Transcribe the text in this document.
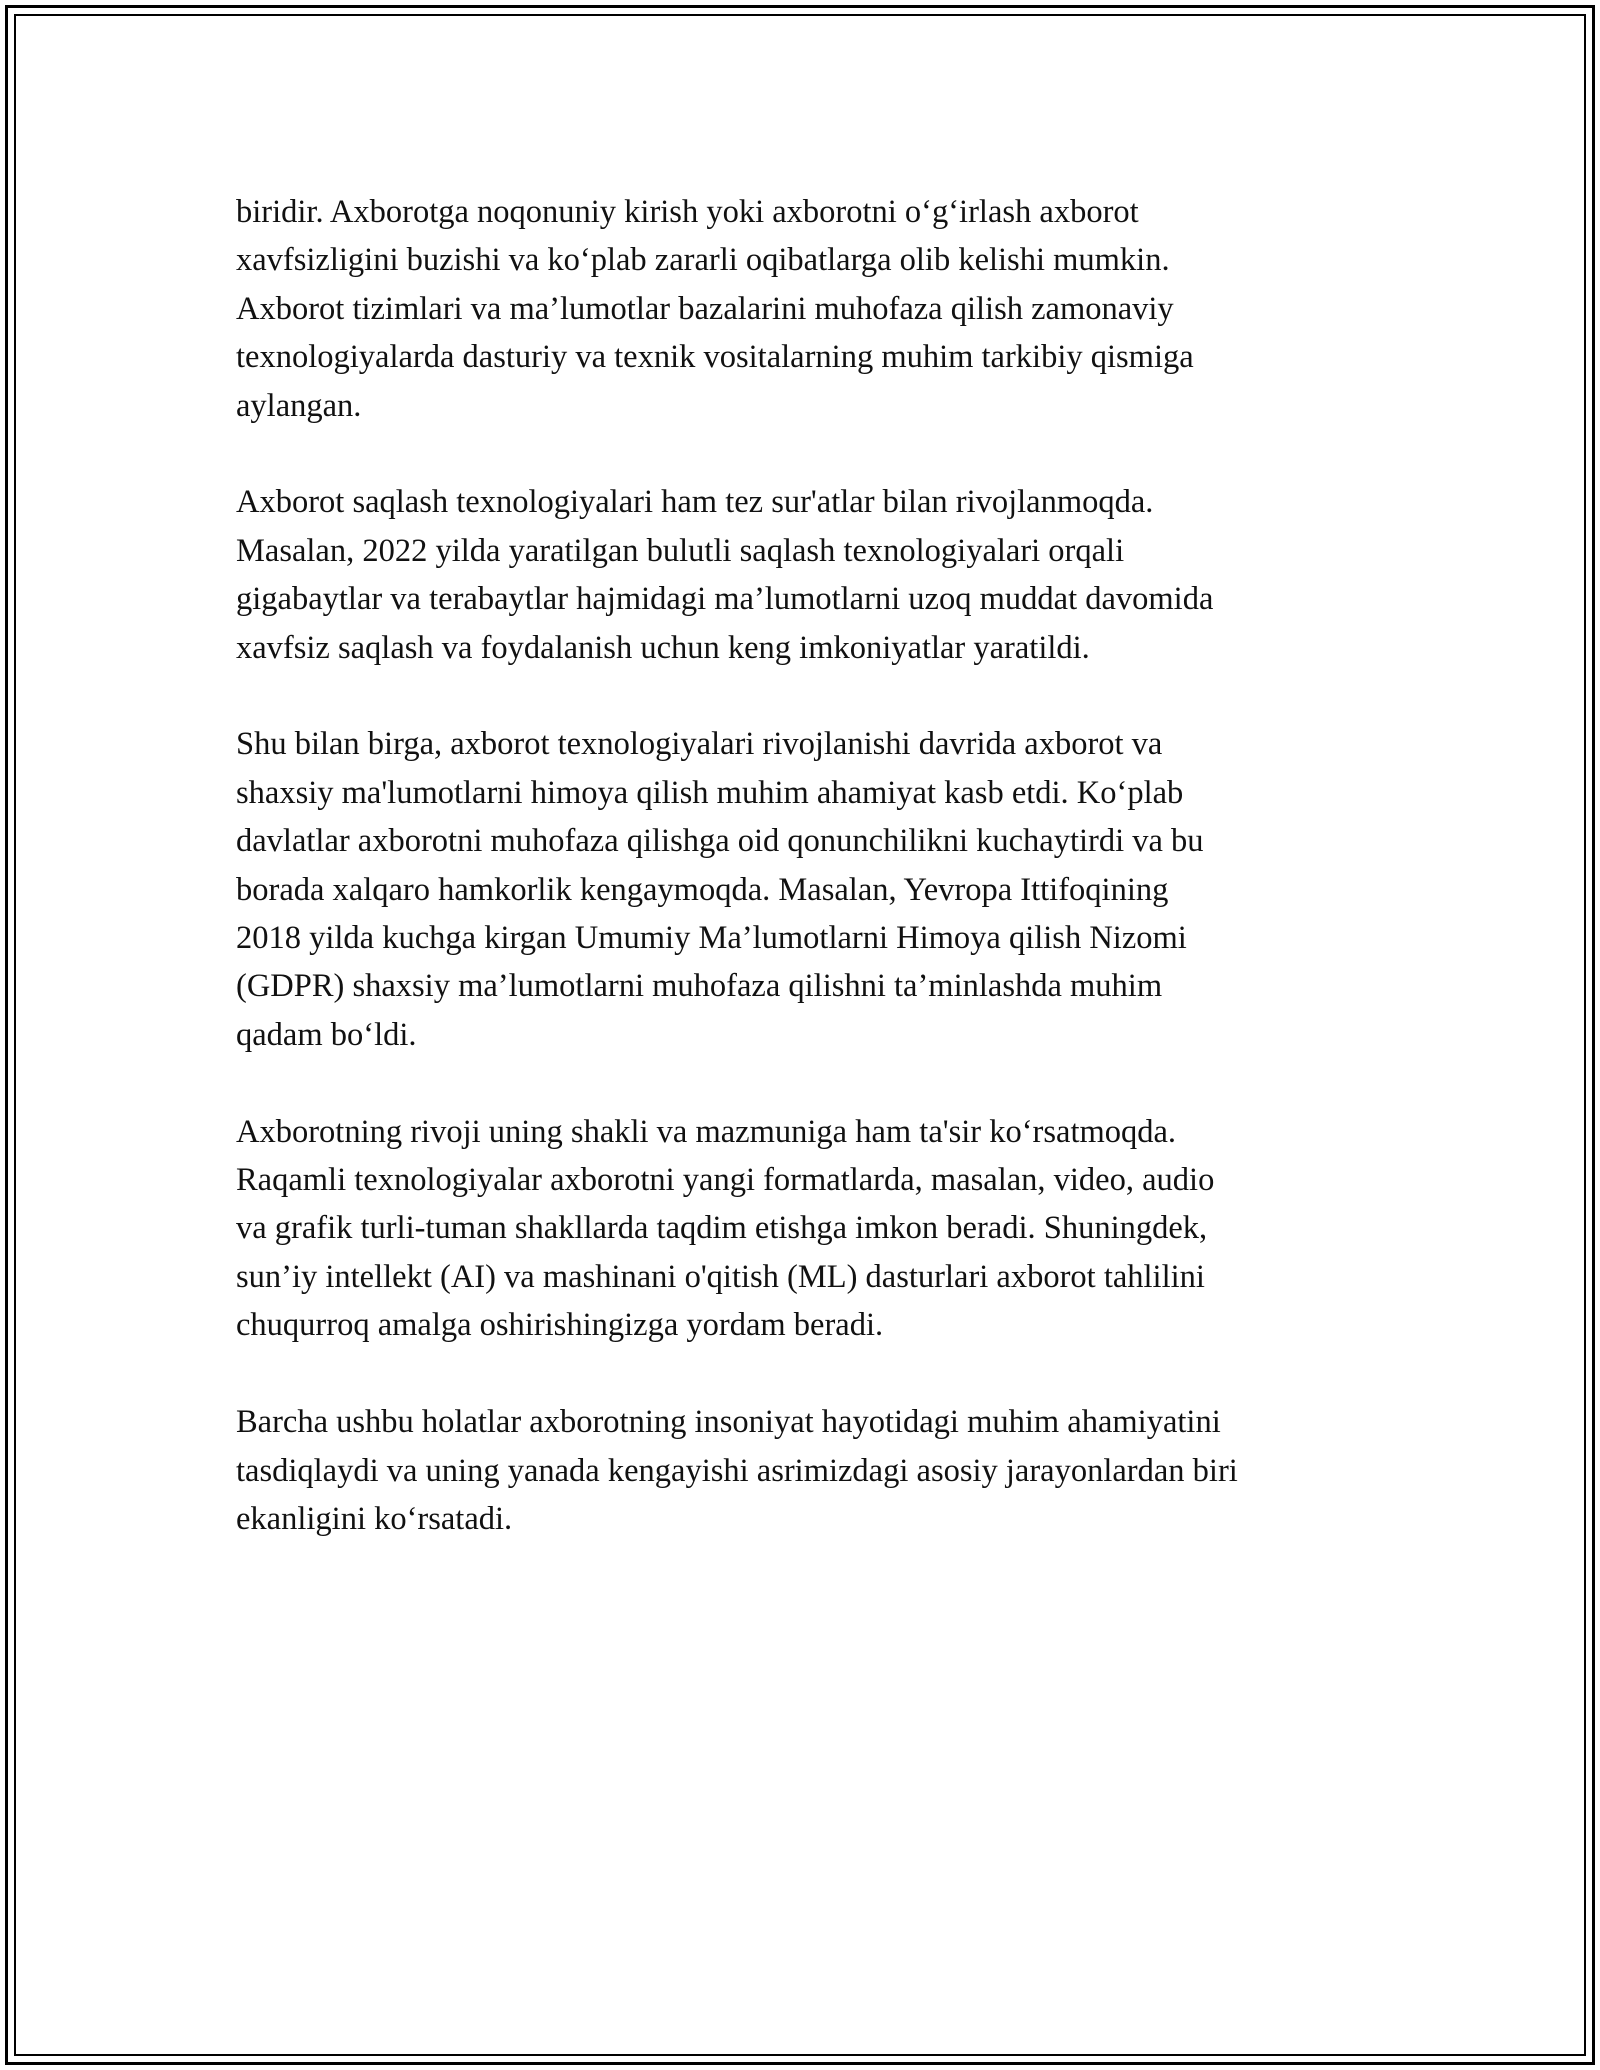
biridir. Axborotga noqonuniy kirish yoki axborotni o‘g‘irlash axborot
xavfsizligini buzishi va ko‘plab zararli oqibatlarga olib kelishi mumkin.
Axborot tizimlari va ma’lumotlar bazalarini muhofaza qilish zamonaviy
texnologiyalarda dasturiy va texnik vositalarning muhim tarkibiy qismiga
aylangan.

Axborot saqlash texnologiyalari ham tez sur'atlar bilan rivojlanmoqda.
Masalan, 2022 yilda yaratilgan bulutli saqlash texnologiyalari orqali
gigabaytlar va terabaytlar hajmidagi ma’lumotlarni uzoq muddat davomida
xavfsiz saqlash va foydalanish uchun keng imkoniyatlar yaratildi.

Shu bilan birga, axborot texnologiyalari rivojlanishi davrida axborot va
shaxsiy ma'lumotlarni himoya qilish muhim ahamiyat kasb etdi. Ko‘plab
davlatlar axborotni muhofaza qilishga oid qonunchilikni kuchaytirdi va bu
borada xalqaro hamkorlik kengaymoqda. Masalan, Yevropa Ittifoqining
2018 yilda kuchga kirgan Umumiy Ma’lumotlarni Himoya qilish Nizomi
(GDPR) shaxsiy ma’lumotlarni muhofaza qilishni ta’minlashda muhim
qadam bo‘ldi.

Axborotning rivoji uning shakli va mazmuniga ham ta'sir ko‘rsatmoqda.
Raqamli texnologiyalar axborotni yangi formatlarda, masalan, video, audio
va grafik turli-tuman shakllarda taqdim etishga imkon beradi. Shuningdek,
sun’iy intellekt (AI) va mashinani o'qitish (ML) dasturlari axborot tahlilini
chuqurroq amalga oshirishingizga yordam beradi.

Barcha ushbu holatlar axborotning insoniyat hayotidagi muhim ahamiyatini
tasdiqlaydi va uning yanada kengayishi asrimizdagi asosiy jarayonlardan biri
ekanligini ko‘rsatadi.
